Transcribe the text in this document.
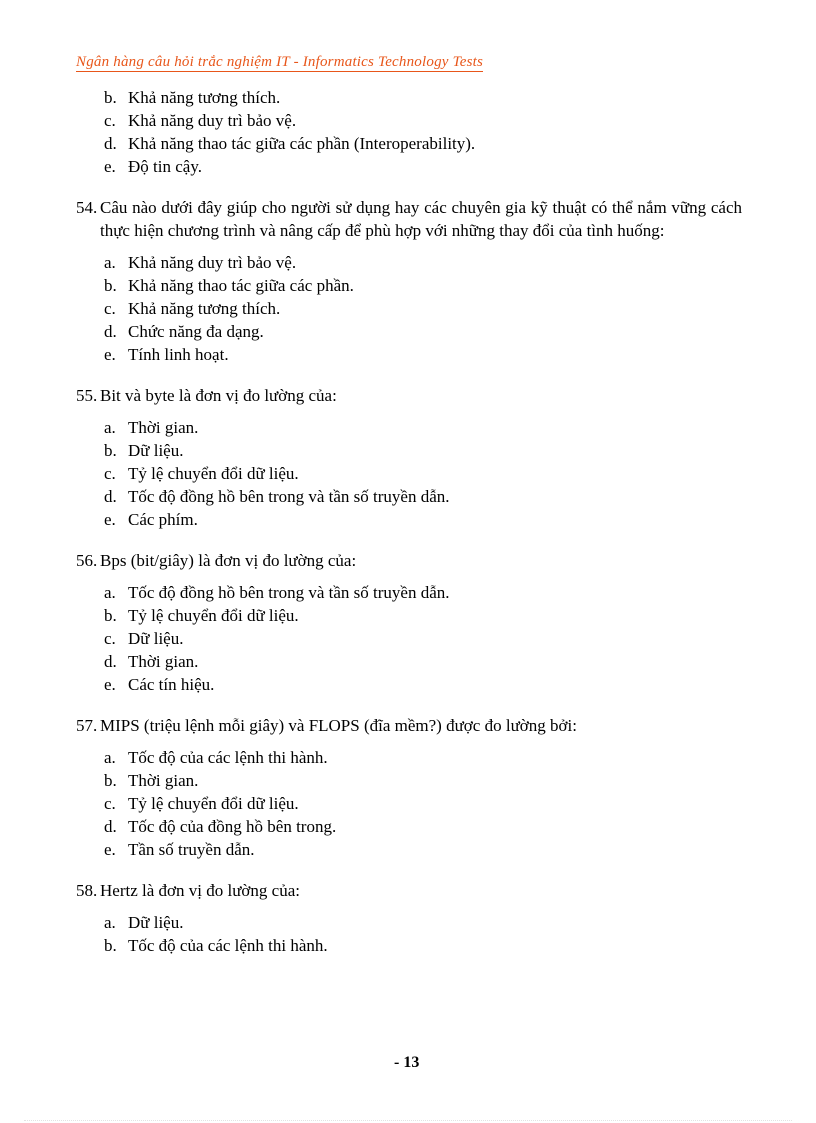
Ngân hàng câu hỏi trắc nghiệm IT - Informatics Technology Tests
b. Khả năng tương thích.
c. Khả năng duy trì bảo vệ.
d. Khả năng thao tác giữa các phần (Interoperability).
e. Độ tin cậy.
54. Câu nào dưới đây giúp cho người sử dụng hay các chuyên gia kỹ thuật có thể nắm vững cách thực hiện chương trình và nâng cấp để phù hợp với những thay đổi của tình huống:
a. Khả năng duy trì bảo vệ.
b. Khả năng thao tác giữa các phần.
c. Khả năng tương thích.
d. Chức năng đa dạng.
e. Tính linh hoạt.
55. Bit và byte là đơn vị đo lường của:
a. Thời gian.
b. Dữ liệu.
c. Tỷ lệ chuyển đổi dữ liệu.
d. Tốc độ đồng hồ bên trong và tần số truyền dẫn.
e. Các phím.
56. Bps (bit/giây) là đơn vị đo lường của:
a. Tốc độ đồng hồ bên trong và tần số truyền dẫn.
b. Tỷ lệ chuyển đổi dữ liệu.
c. Dữ liệu.
d. Thời gian.
e. Các tín hiệu.
57. MIPS (triệu lệnh mỗi giây) và FLOPS (đĩa mềm?) được đo lường bởi:
a. Tốc độ của các lệnh thi hành.
b. Thời gian.
c. Tỷ lệ chuyển đổi dữ liệu.
d. Tốc độ của đồng hồ bên trong.
e. Tần số truyền dẫn.
58. Hertz là đơn vị đo lường của:
a. Dữ liệu.
b. Tốc độ của các lệnh thi hành.
- 13
